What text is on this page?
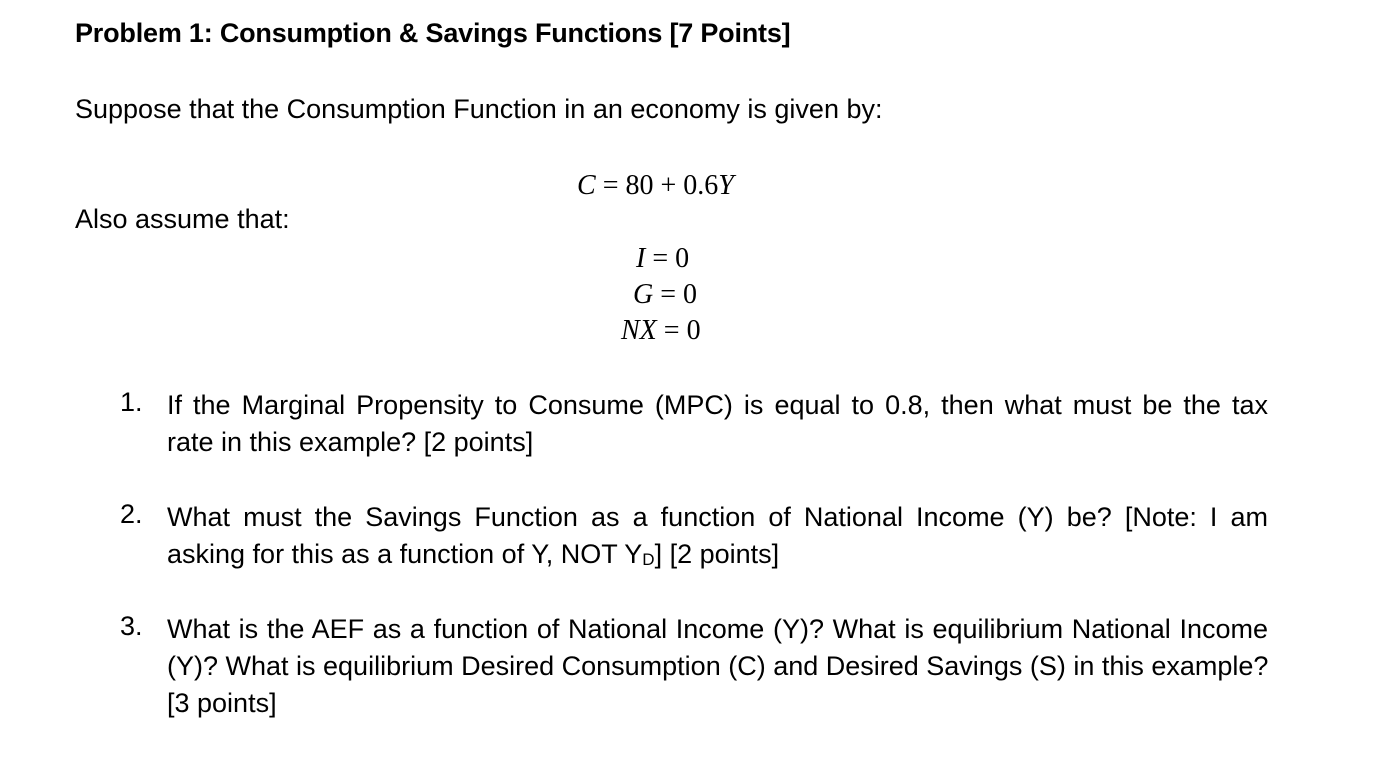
Problem 1: Consumption & Savings Functions [7 Points]
Suppose that the Consumption Function in an economy is given by:
C = 80 + 0.6Y
Also assume that:
I = 0
G = 0
NX = 0
1. If the Marginal Propensity to Consume (MPC) is equal to 0.8, then what must be the tax
rate in this example? [2 points]
2. What must the Savings Function as a function of National Income (Y) be? [Note: I am
asking for this as a function of Y, NOT $Y_D$] [2 points]
3. What is the AEF as a function of National Income (Y)? What is equilibrium National Income
(Y)? What is equilibrium Desired Consumption (C) and Desired Savings (S) in this example?
[3 points]
